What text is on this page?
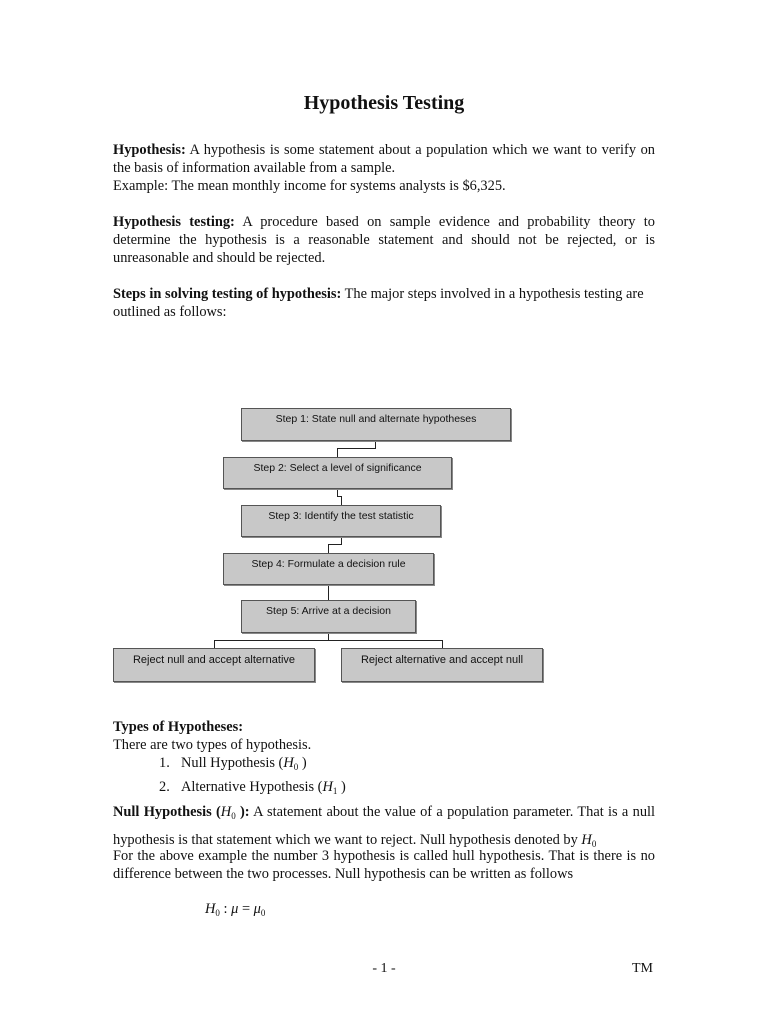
Hypothesis Testing

Hypothesis: A hypothesis is some statement about a population which we want to verify on the basis of information available from a sample.
Example: The mean monthly income for systems analysts is $6,325.

Hypothesis testing: A procedure based on sample evidence and probability theory to determine the hypothesis is a reasonable statement and should not be rejected, or is unreasonable and should be rejected.

Steps in solving testing of hypothesis: The major steps involved in a hypothesis testing are outlined as follows:

Step 1: State null and alternate hypotheses
Step 2: Select a level of significance
Step 3: Identify the test statistic
Step 4: Formulate a decision rule
Step 5: Arrive at a decision
Reject null and accept alternative	Reject alternative and accept null

Types of Hypotheses:

There are two types of hypothesis.

1. Null Hypothesis ($H_0$ )

2. Alternative Hypothesis ($H_1$ )

Null Hypothesis ($H_0$ ): A statement about the value of a population parameter. That is a null hypothesis is that statement which we want to reject. Null hypothesis denoted by $H_0$

For the above example the number 3 hypothesis is called hull hypothesis. That is there is no difference between the two processes. Null hypothesis can be written as follows

$H_0$ : $\mu = \mu_0$
- 1 -	TM
